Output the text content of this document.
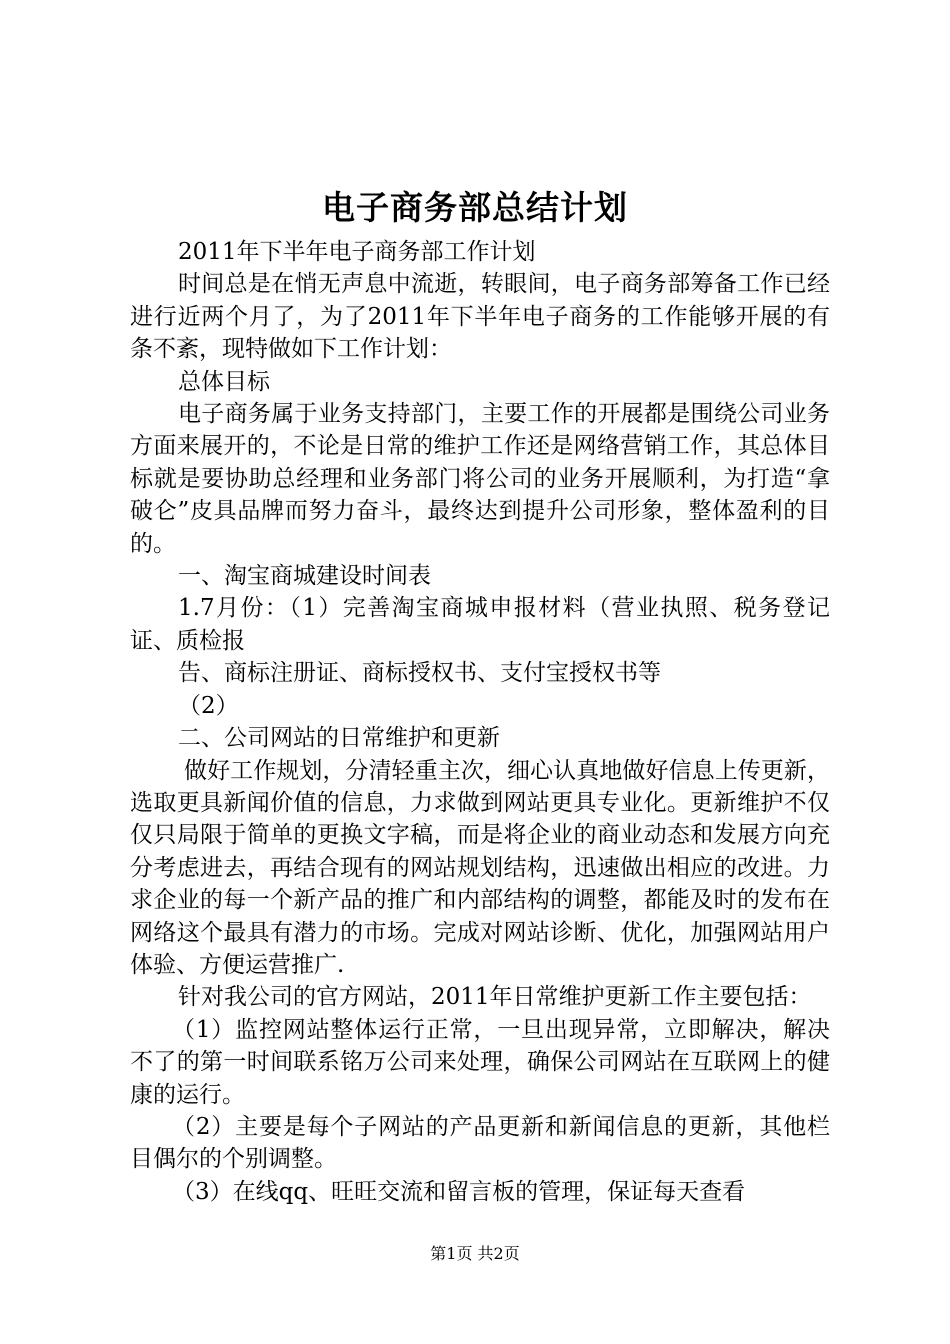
电子商务部总结计划

2011年下半年电子商务部工作计划

时间总是在悄无声息中流逝，转眼间，电子商务部筹备工作已经进行近两个月了，为了2011年下半年电子商务的工作能够开展的有条不紊，现特做如下工作计划：

总体目标

电子商务属于业务支持部门，主要工作的开展都是围绕公司业务方面来展开的，不论是日常的维护工作还是网络营销工作，其总体目标就是要协助总经理和业务部门将公司的业务开展顺利，为打造“拿破仑”皮具品牌而努力奋斗，最终达到提升公司形象，整体盈利的目的。

一、淘宝商城建设时间表

1.7月份：（1）完善淘宝商城申报材料（营业执照、税务登记证、质检报

告、商标注册证、商标授权书、支付宝授权书等

（2）

二、公司网站的日常维护和更新

做好工作规划，分清轻重主次，细心认真地做好信息上传更新，选取更具新闻价值的信息，力求做到网站更具专业化。更新维护不仅仅只局限于简单的更换文字稿，而是将企业的商业动态和发展方向充分考虑进去，再结合现有的网站规划结构，迅速做出相应的改进。力求企业的每一个新产品的推广和内部结构的调整，都能及时的发布在网络这个最具有潜力的市场。完成对网站诊断、优化，加强网站用户体验、方便运营推广.

针对我公司的官方网站，2011年日常维护更新工作主要包括：

（1）监控网站整体运行正常，一旦出现异常，立即解决，解决不了的第一时间联系铭万公司来处理，确保公司网站在互联网上的健康的运行。

（2）主要是每个子网站的产品更新和新闻信息的更新，其他栏目偶尔的个别调整。

（3）在线qq、旺旺交流和留言板的管理，保证每天查看

第1页 共2页
